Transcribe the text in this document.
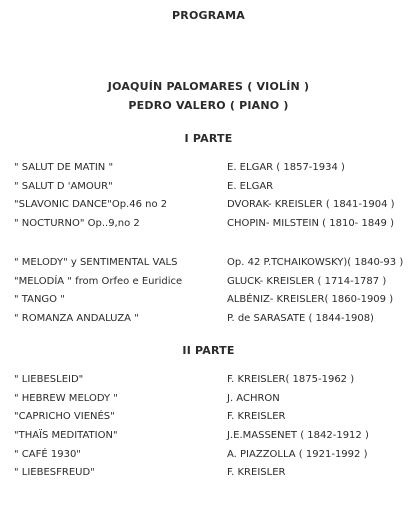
PROGRAMA
JOAQUÍN PALOMARES ( VIOLÍN )
PEDRO VALERO ( PIANO )
I PARTE
" SALUT DE MATIN "	E. ELGAR ( 1857-1934 )
" SALUT D 'AMOUR"	E. ELGAR
"SLAVONIC DANCE"Op.46 no 2	DVORAK- KREISLER ( 1841-1904 )
" NOCTURNO" Op..9,no 2	CHOPIN- MILSTEIN ( 1810- 1849 )
" MELODY" y SENTIMENTAL VALS	Op. 42 P.TCHAIKOWSKY)( 1840-93 )
"MELODÍA " from Orfeo e Euridice	GLUCK- KREISLER ( 1714-1787 )
" TANGO "	ALBÉNIZ- KREISLER( 1860-1909 )
" ROMANZA ANDALUZA "	P. de SARASATE ( 1844-1908)
II PARTE
" LIEBESLEID"	F. KREISLER( 1875-1962 )
" HEBREW MELODY "	J. ACHRON
"CAPRICHO VIENÉS"	F. KREISLER
"THAÏS MEDITATION"	J.E.MASSENET ( 1842-1912 )
" CAFÉ 1930"	A. PIAZZOLLA ( 1921-1992 )
" LIEBESFREUD"	F. KREISLER
